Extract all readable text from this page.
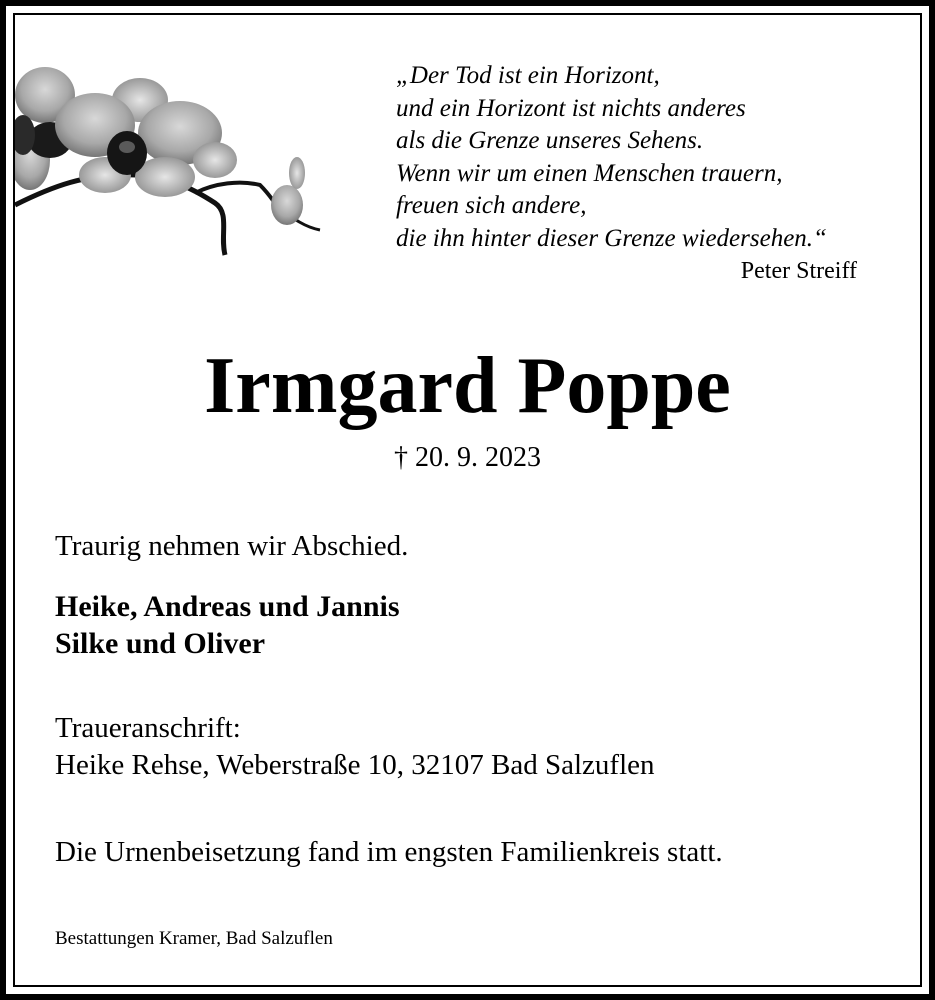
„Der Tod ist ein Horizont,
und ein Horizont ist nichts anderes
als die Grenze unseres Sehens.
Wenn wir um einen Menschen trauern,
freuen sich andere,
die ihn hinter dieser Grenze wiedersehen.“
Peter Streiff
Irmgard Poppe
† 20. 9. 2023
Traurig nehmen wir Abschied.
Heike, Andreas und Jannis
Silke und Oliver
Traueranschrift:
Heike Rehse, Weberstraße 10, 32107 Bad Salzuflen
Die Urnenbeisetzung fand im engsten Familienkreis statt.
Bestattungen Kramer, Bad Salzuflen
